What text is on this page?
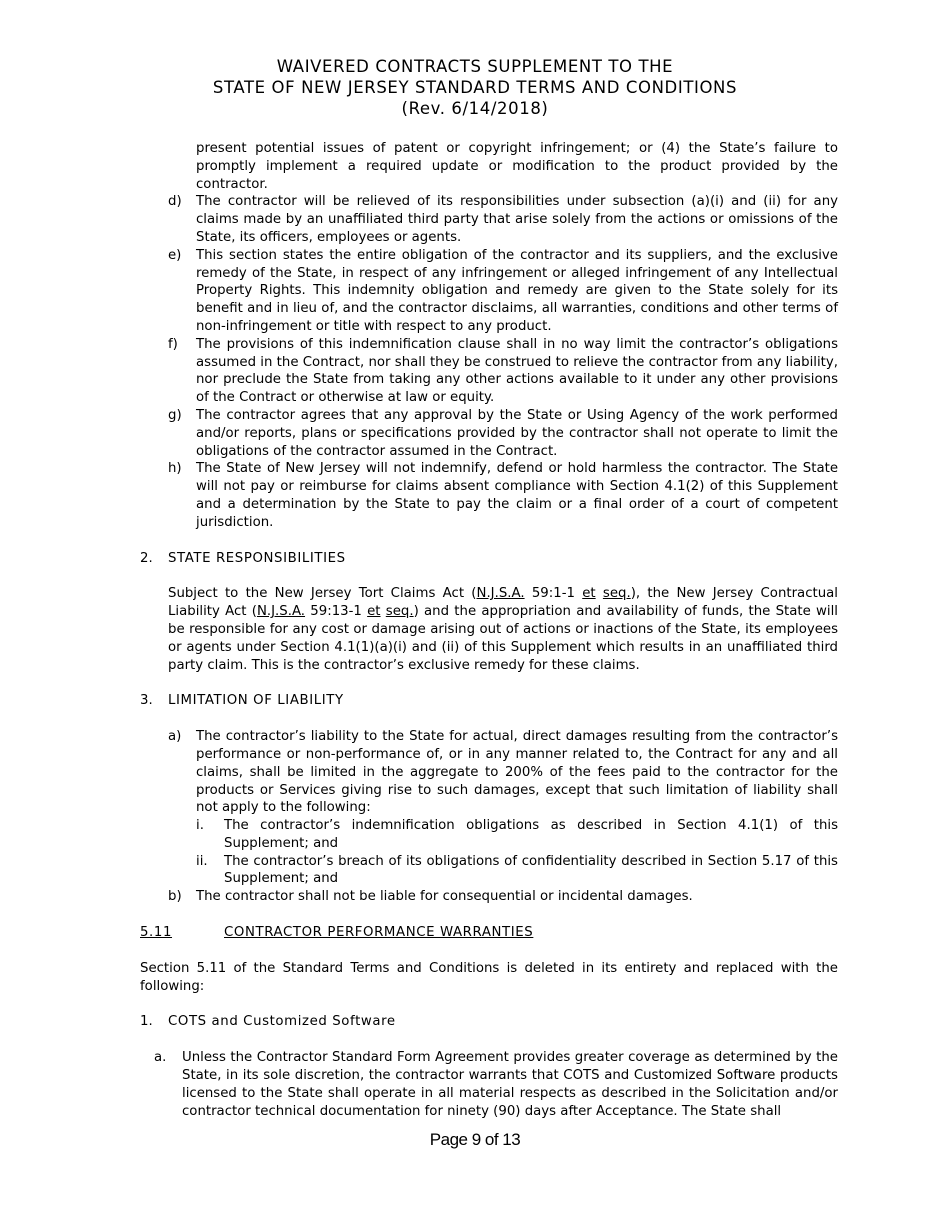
WAIVERED CONTRACTS SUPPLEMENT TO THE
STATE OF NEW JERSEY STANDARD TERMS AND CONDITIONS
(Rev. 6/14/2018)
present potential issues of patent or copyright infringement; or (4) the State’s failure to promptly implement a required update or modification to the product provided by the contractor.
d) The contractor will be relieved of its responsibilities under subsection (a)(i) and (ii) for any claims made by an unaffiliated third party that arise solely from the actions or omissions of the State, its officers, employees or agents.
e) This section states the entire obligation of the contractor and its suppliers, and the exclusive remedy of the State, in respect of any infringement or alleged infringement of any Intellectual Property Rights. This indemnity obligation and remedy are given to the State solely for its benefit and in lieu of, and the contractor disclaims, all warranties, conditions and other terms of non-infringement or title with respect to any product.
f) The provisions of this indemnification clause shall in no way limit the contractor’s obligations assumed in the Contract, nor shall they be construed to relieve the contractor from any liability, nor preclude the State from taking any other actions available to it under any other provisions of the Contract or otherwise at law or equity.
g) The contractor agrees that any approval by the State or Using Agency of the work performed and/or reports, plans or specifications provided by the contractor shall not operate to limit the obligations of the contractor assumed in the Contract.
h) The State of New Jersey will not indemnify, defend or hold harmless the contractor. The State will not pay or reimburse for claims absent compliance with Section 4.1(2) of this Supplement and a determination by the State to pay the claim or a final order of a court of competent jurisdiction.
2. STATE RESPONSIBILITIES
Subject to the New Jersey Tort Claims Act (N.J.S.A. 59:1-1 et seq.), the New Jersey Contractual Liability Act (N.J.S.A. 59:13-1 et seq.) and the appropriation and availability of funds, the State will be responsible for any cost or damage arising out of actions or inactions of the State, its employees or agents under Section 4.1(1)(a)(i) and (ii) of this Supplement which results in an unaffiliated third party claim. This is the contractor’s exclusive remedy for these claims.
3. LIMITATION OF LIABILITY
a) The contractor’s liability to the State for actual, direct damages resulting from the contractor’s performance or non-performance of, or in any manner related to, the Contract for any and all claims, shall be limited in the aggregate to 200% of the fees paid to the contractor for the products or Services giving rise to such damages, except that such limitation of liability shall not apply to the following:
i. The contractor’s indemnification obligations as described in Section 4.1(1) of this Supplement; and
ii. The contractor’s breach of its obligations of confidentiality described in Section 5.17 of this Supplement; and
b) The contractor shall not be liable for consequential or incidental damages.
5.11	CONTRACTOR PERFORMANCE WARRANTIES
Section 5.11 of the Standard Terms and Conditions is deleted in its entirety and replaced with the following:
1. COTS and Customized Software
a. Unless the Contractor Standard Form Agreement provides greater coverage as determined by the State, in its sole discretion, the contractor warrants that COTS and Customized Software products licensed to the State shall operate in all material respects as described in the Solicitation and/or contractor technical documentation for ninety (90) days after Acceptance. The State shall
Page 9 of 13
